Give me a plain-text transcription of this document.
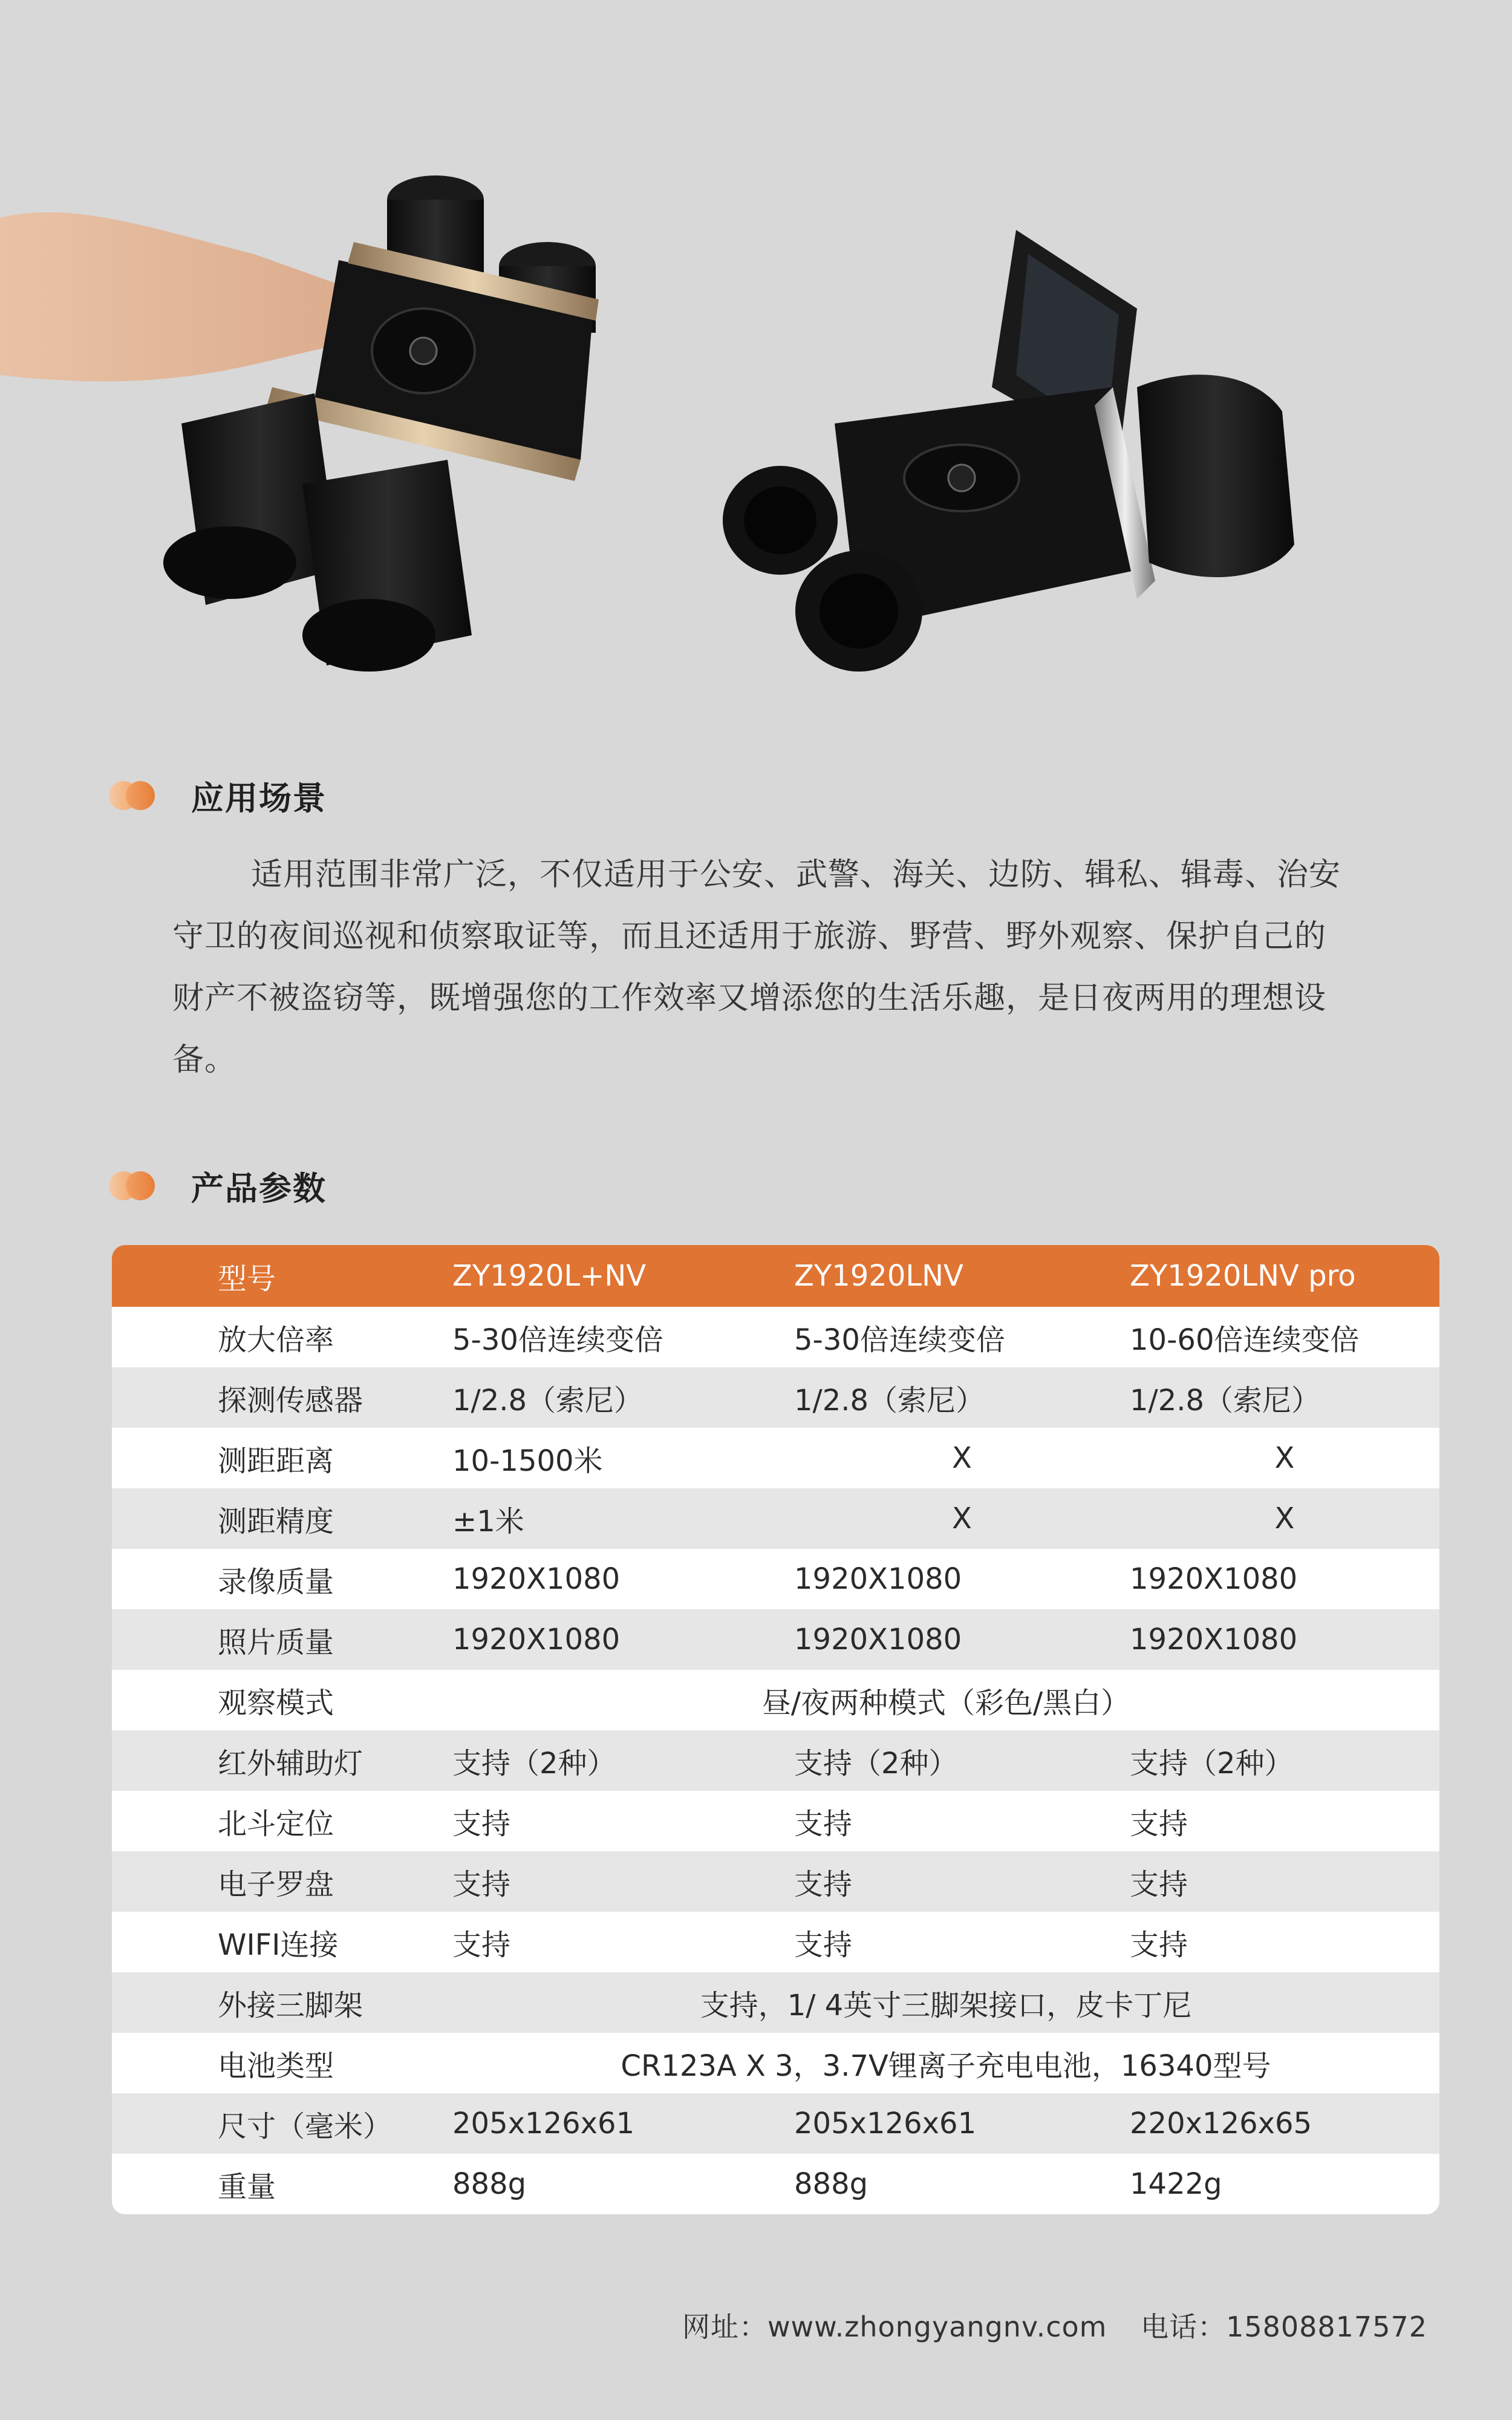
应用场景
适用范围非常广泛，不仅适用于公安、武警、海关、边防、辑私、辑毒、治安守卫的夜间巡视和侦察取证等，而且还适用于旅游、野营、野外观察、保护自己的财产不被盗窃等，既增强您的工作效率又增添您的生活乐趣，是日夜两用的理想设备。
产品参数
型号	ZY1920L+NV	ZY1920LNV	ZY1920LNV pro
放大倍率	5-30倍连续变倍	5-30倍连续变倍	10-60倍连续变倍
探测传感器	1/2.8（索尼）	1/2.8（索尼）	1/2.8（索尼）
测距距离	10-1500米	X	X
测距精度	±1米	X	X
录像质量	1920X1080	1920X1080	1920X1080
照片质量	1920X1080	1920X1080	1920X1080
观察模式	昼/夜两种模式（彩色/黑白）		
红外辅助灯	支持（2种）	支持（2种）	支持（2种）
北斗定位	支持	支持	支持
电子罗盘	支持	支持	支持
WIFI连接	支持	支持	支持
外接三脚架	支持，1/ 4英寸三脚架接口，皮卡丁尼		
电池类型	CR123A X 3，3.7V锂离子充电电池，16340型号		
尺寸（毫米）	205x126x61	205x126x61	220x126x65
重量	888g	888g	1422g
网址：www.zhongyangnv.com 电话：15808817572
